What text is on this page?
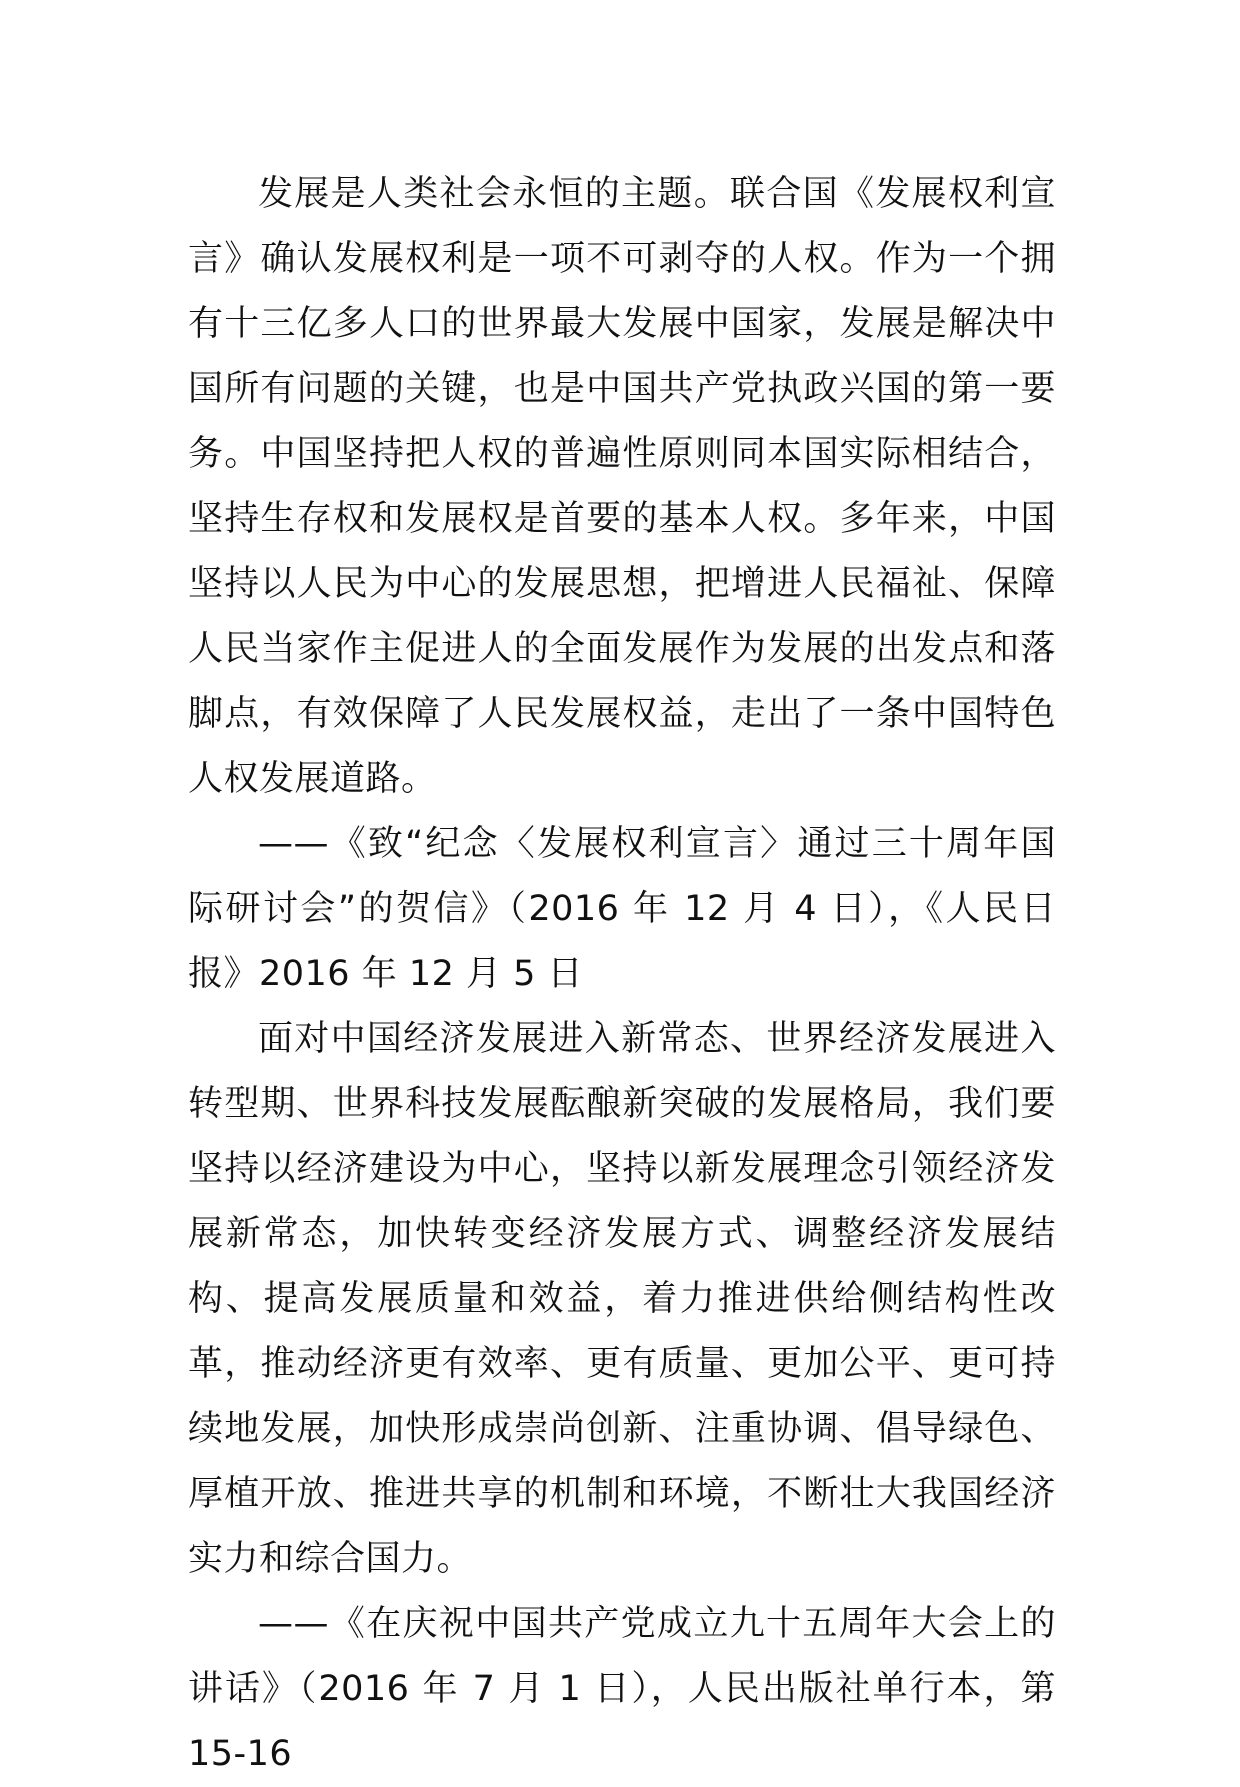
发展是人类社会永恒的主题。联合国《发展权利宣言》确认发展权利是一项不可剥夺的人权。作为一个拥有十三亿多人口的世界最大发展中国家，发展是解决中国所有问题的关键，也是中国共产党执政兴国的第一要务。中国坚持把人权的普遍性原则同本国实际相结合，坚持生存权和发展权是首要的基本人权。多年来，中国坚持以人民为中心的发展思想，把增进人民福祉、保障人民当家作主促进人的全面发展作为发展的出发点和落脚点，有效保障了人民发展权益，走出了一条中国特色人权发展道路。

——《致“纪念〈发展权利宣言〉通过三十周年国际研讨会”的贺信》（2016 年 12 月 4 日），《人民日报》2016 年 12 月 5 日

面对中国经济发展进入新常态、世界经济发展进入转型期、世界科技发展酝酿新突破的发展格局，我们要坚持以经济建设为中心，坚持以新发展理念引领经济发展新常态，加快转变经济发展方式、调整经济发展结构、提高发展质量和效益，着力推进供给侧结构性改革，推动经济更有效率、更有质量、更加公平、更可持续地发展，加快形成崇尚创新、注重协调、倡导绿色、厚植开放、推进共享的机制和环境，不断壮大我国经济实力和综合国力。

——《在庆祝中国共产党成立九十五周年大会上的讲话》（2016 年 7 月 1 日），人民出版社单行本，第 15-16
